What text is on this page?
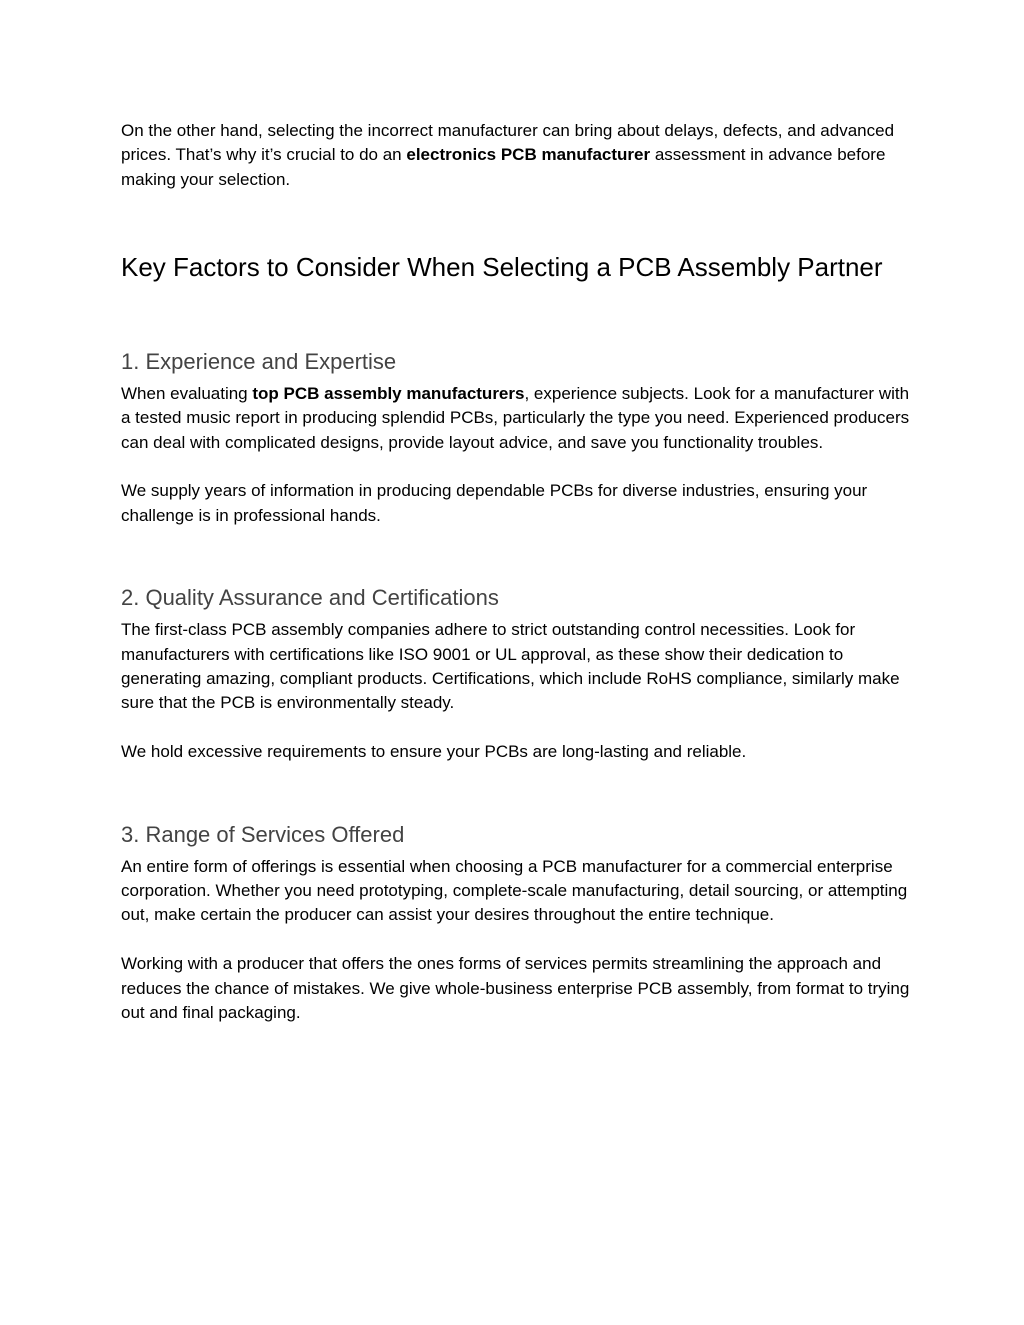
On the other hand, selecting the incorrect manufacturer can bring about delays, defects, and advanced prices. That’s why it’s crucial to do an electronics PCB manufacturer assessment in advance before making your selection.

Key Factors to Consider When Selecting a PCB Assembly Partner
1. Experience and Expertise

When evaluating top PCB assembly manufacturers, experience subjects. Look for a manufacturer with a tested music report in producing splendid PCBs, particularly the type you need. Experienced producers can deal with complicated designs, provide layout advice, and save you functionality troubles.

We supply years of information in producing dependable PCBs for diverse industries, ensuring your challenge is in professional hands.

2. Quality Assurance and Certifications

The first-class PCB assembly companies adhere to strict outstanding control necessities. Look for manufacturers with certifications like ISO 9001 or UL approval, as these show their dedication to generating amazing, compliant products. Certifications, which include RoHS compliance, similarly make sure that the PCB is environmentally steady.

We hold excessive requirements to ensure your PCBs are long-lasting and reliable.

3. Range of Services Offered

An entire form of offerings is essential when choosing a PCB manufacturer for a commercial enterprise corporation. Whether you need prototyping, complete-scale manufacturing, detail sourcing, or attempting out, make certain the producer can assist your desires throughout the entire technique.

Working with a producer that offers the ones forms of services permits streamlining the approach and reduces the chance of mistakes. We give whole-business enterprise PCB assembly, from format to trying out and final packaging.
